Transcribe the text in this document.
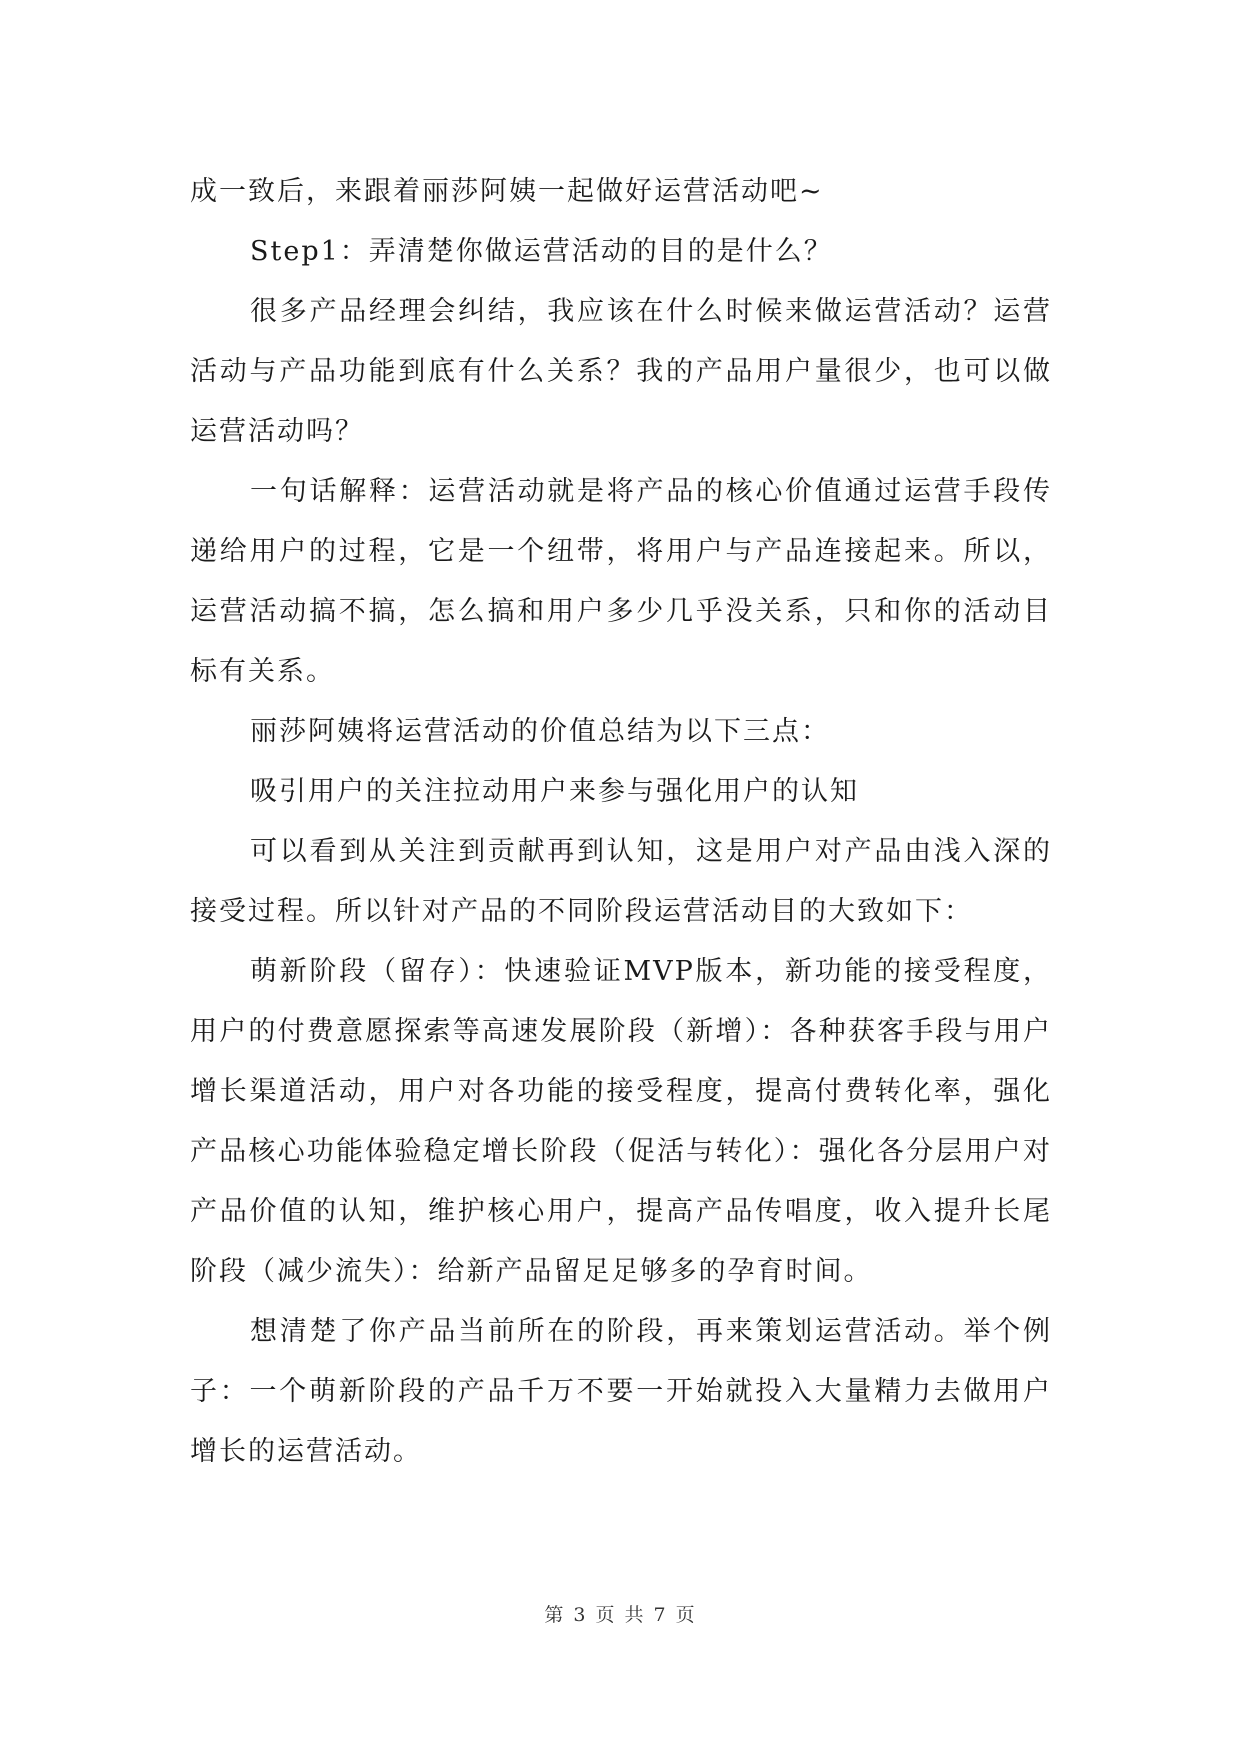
成一致后，来跟着丽莎阿姨一起做好运营活动吧~

Step1：弄清楚你做运营活动的目的是什么？

很多产品经理会纠结，我应该在什么时候来做运营活动？运营活动与产品功能到底有什么关系？我的产品用户量很少，也可以做运营活动吗？

一句话解释：运营活动就是将产品的核心价值通过运营手段传递给用户的过程，它是一个纽带，将用户与产品连接起来。所以，运营活动搞不搞，怎么搞和用户多少几乎没关系，只和你的活动目标有关系。

丽莎阿姨将运营活动的价值总结为以下三点：

吸引用户的关注拉动用户来参与强化用户的认知

可以看到从关注到贡献再到认知，这是用户对产品由浅入深的接受过程。所以针对产品的不同阶段运营活动目的大致如下：

萌新阶段（留存）：快速验证MVP版本，新功能的接受程度，用户的付费意愿探索等高速发展阶段（新增）：各种获客手段与用户增长渠道活动，用户对各功能的接受程度，提高付费转化率，强化产品核心功能体验稳定增长阶段（促活与转化）：强化各分层用户对产品价值的认知，维护核心用户，提高产品传唱度，收入提升长尾阶段（减少流失）：给新产品留足足够多的孕育时间。

想清楚了你产品当前所在的阶段，再来策划运营活动。举个例子：一个萌新阶段的产品千万不要一开始就投入大量精力去做用户增长的运营活动。

第 3 页 共 7 页
